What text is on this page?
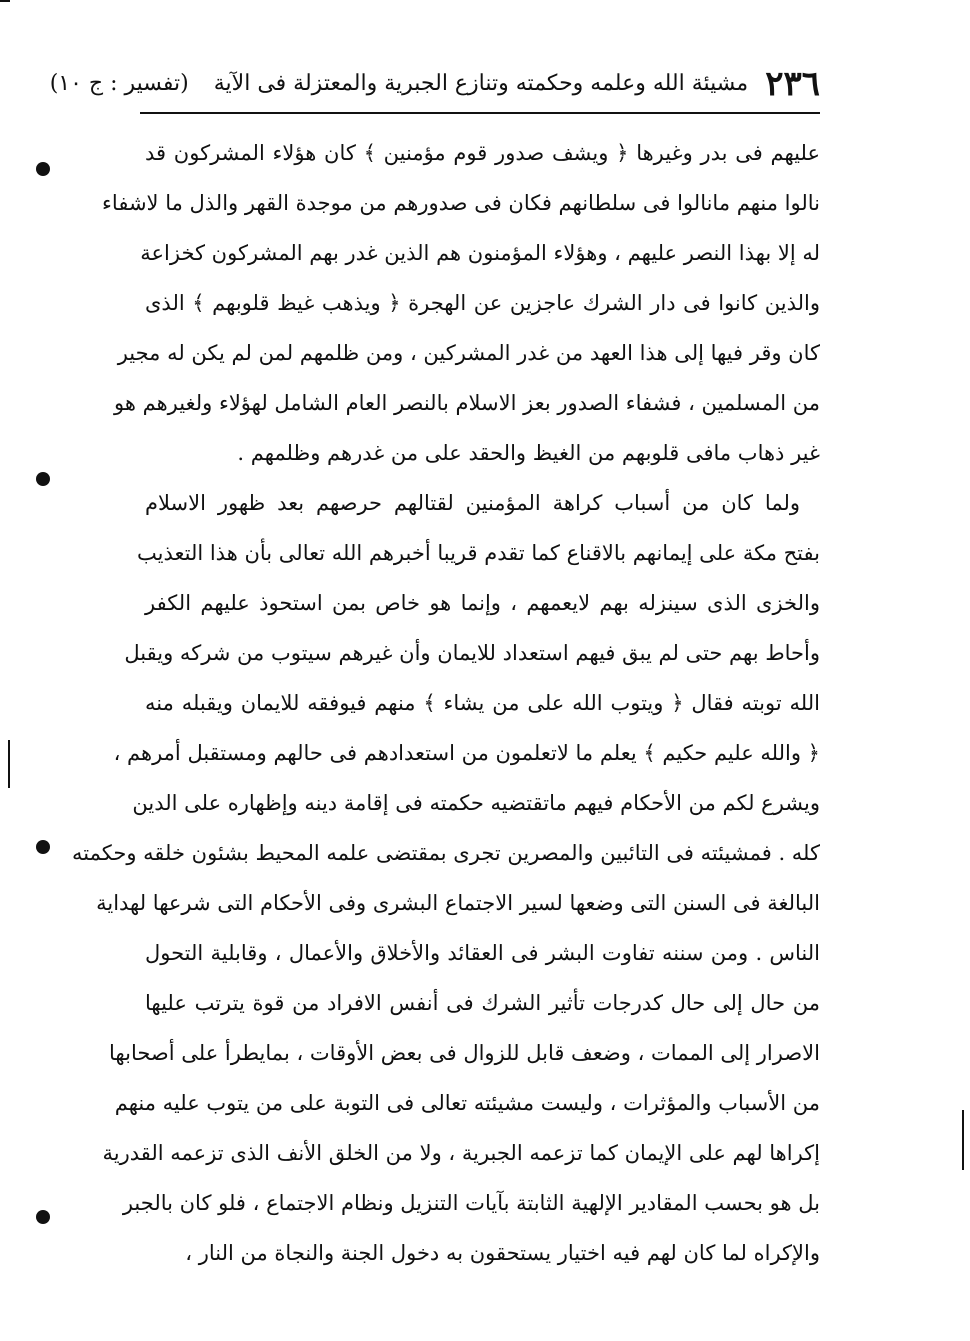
٢٣٦ مشيئة الله وعلمه وحكمته وتنازع الجبرية والمعتزلة فى الآية (تفسير : ج ١٠)
عليهم فى بدر وغيرها ﴿ ويشف صدور قوم مؤمنين ﴾ كان هؤلاء المشركون قد
نالوا منهم مانالوا فى سلطانهم فكان فى صدورهم من موجدة القهر والذل ما لاشفاء
له إلا بهذا النصر عليهم ، وهؤلاء المؤمنون هم الذين غدر بهم المشركون كخزاعة
والذين كانوا فى دار الشرك عاجزين عن الهجرة ﴿ ويذهب غيظ قلوبهم ﴾ الذى
كان وقر فيها إلى هذا العهد من غدر المشركين ، ومن ظلمهم لمن لم يكن له مجير
من المسلمين ، فشفاء الصدور بعز الاسلام بالنصر العام الشامل لهؤلاء ولغيرهم هو
غير ذهاب مافى قلوبهم من الغيظ والحقد على من غدرهم وظلمهم .
ولما كان من أسباب كراهة المؤمنين لقتالهم حرصهم بعد ظهور الاسلام
بفتح مكة على إيمانهم بالاقناع كما تقدم قريبا أخبرهم الله تعالى بأن هذا التعذيب
والخزى الذى سينزله بهم لايعمهم ، وإنما هو خاص بمن استحوذ عليهم الكفر
وأحاط بهم حتى لم يبق فيهم استعداد للايمان وأن غيرهم سيتوب من شركه ويقبل
الله توبته فقال ﴿ ويتوب الله على من يشاء ﴾ منهم فيوفقه للايمان ويقبله منه
﴿ والله عليم حكيم ﴾ يعلم ما لاتعلمون من استعدادهم فى حالهم ومستقبل أمرهم ،
ويشرع لكم من الأحكام فيهم ماتقتضيه حكمته فى إقامة دينه وإظهاره على الدين
كله . فمشيئته فى التائبين والمصرين تجرى بمقتضى علمه المحيط بشئون خلقه وحكمته
البالغة فى السنن التى وضعها لسير الاجتماع البشرى وفى الأحكام التى شرعها لهداية
الناس . ومن سننه تفاوت البشر فى العقائد والأخلاق والأعمال ، وقابلية التحول
من حال إلى حال كدرجات تأثير الشرك فى أنفس الافراد من قوة يترتب عليها
الاصرار إلى الممات ، وضعف قابل للزوال فى بعض الأوقات ، بمايطرأ على أصحابها
من الأسباب والمؤثرات ، وليست مشيئته تعالى فى التوبة على من يتوب عليه منهم
إكراها لهم على الإيمان كما تزعمه الجبرية ، ولا من الخلق الأنف الذى تزعمه القدرية
بل هو بحسب المقادير الإلهية الثابتة بآيات التنزيل ونظام الاجتماع ، فلو كان بالجبر
والإكراه لما كان لهم فيه اختيار يستحقون به دخول الجنة والنجاة من النار ،
